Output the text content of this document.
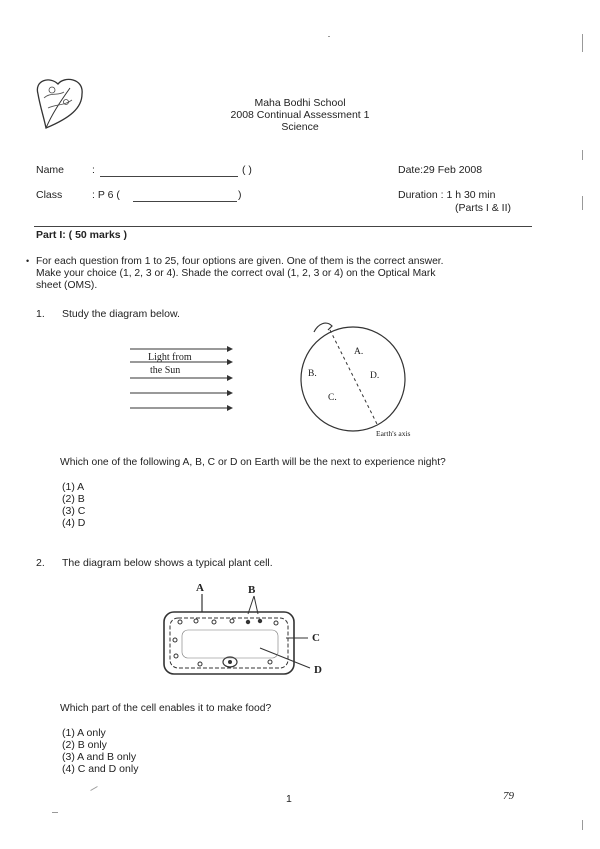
Maha Bodhi School
2008 Continual Assessment 1
Science
Name	:	( )	Date:29 Feb 2008
Class	: P 6 (	)	Duration : 1 h 30 min
(Parts I & II)
Part I: ( 50 marks )
• For each question from 1 to 25, four options are given. One of them is the correct answer.
Make your choice (1, 2, 3 or 4). Shade the correct oval (1, 2, 3 or 4) on the Optical Mark
sheet (OMS).
1. Study the diagram below.
Light from
the Sun
A.
B.	D.
C.
Earth's axis
Which one of the following A, B, C or D on Earth will be the next to experience night?
(1) A
(2) B
(3) C
(4) D
2. The diagram below shows a typical plant cell.
A	B
C
D
Which part of the cell enables it to make food?
(1) A only
(2) B only
(3) A and B only
(4) C and D only
1	79
